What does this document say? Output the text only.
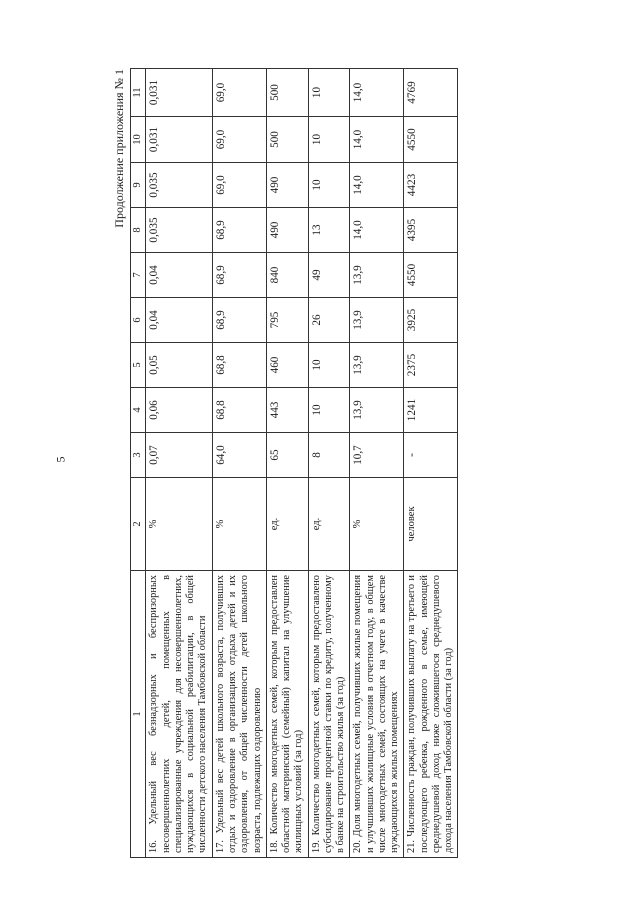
5
Продолжение приложения № 1
1	2	3	4	5	6	7	8	9	10	11
16. Удельный вес безнадзорных и беспризорных несовершеннолетних детей, помещенных в специализированные учреждения для несовершеннолетних, нуждающихся в социальной реабилитации, в общей численности детского населения Тамбовской области	%	0,07	0,06	0,05	0,04	0,04	0,035	0,035	0,031	0,031
17. Удельный вес детей школьного возраста, получивших отдых и оздоровление в организациях отдыха детей и их оздоровления, от общей численности детей школьного возраста, подлежащих оздоровлению	%	64,0	68,8	68,8	68,9	68,9	68,9	69,0	69,0	69,0
18. Количество многодетных семей, которым предоставлен областной материнский (семейный) капитал на улучшение жилищных условий (за год)	ед.	65	443	460	795	840	490	490	500	500
19. Количество многодетных семей, которым предоставлено субсидирование процентной ставки по кредиту, полученному в банке на строительство жилья (за год)	ед.	8	10	10	26	49	13	10	10	10
20. Доля многодетных семей, получивших жилые помещения и улучшивших жилищные условия в отчетном году, в общем числе многодетных семей, состоящих на учете в качестве нуждающихся в жилых помещениях	%	10,7	13,9	13,9	13,9	13,9	14,0	14,0	14,0	14,0
21. Численность граждан, получивших выплату на третьего и последующего ребенка, рожденного в семье, имеющей среднедушевой доход ниже сложившегося среднедушевого дохода населения Тамбовской области (за год)	человек	-	1241	2375	3925	4550	4395	4423	4550	4769
